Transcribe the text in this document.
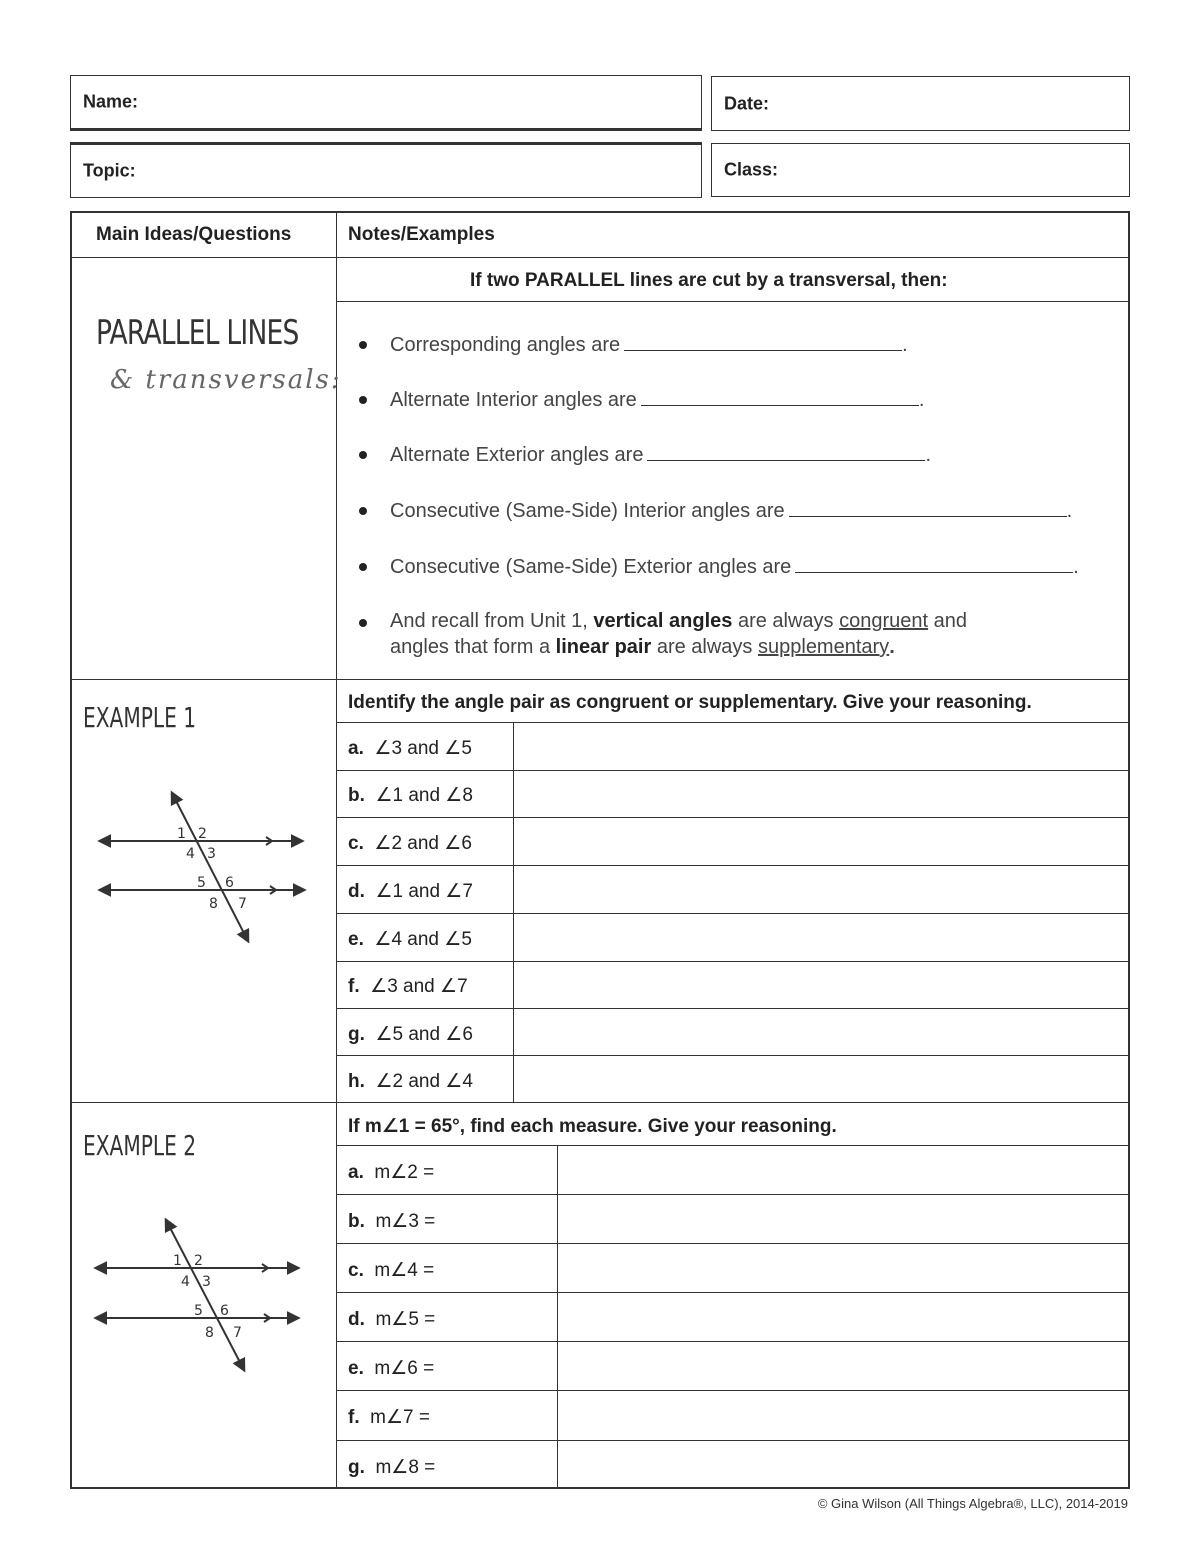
Name:	Date:
Topic:	Class:
Main Ideas/Questions	Notes/Examples
PARALLEL LINES
& transversals:
If two PARALLEL lines are cut by a transversal, then:
Corresponding angles are	.
Alternate Interior angles are	.
Alternate Exterior angles are	.
Consecutive (Same-Side) Interior angles are	.
Consecutive (Same-Side) Exterior angles are	.
And recall from Unit 1, vertical angles are always congruent and
angles that form a linear pair are always supplementary.
EXAMPLE 1
1 2
4 3
5 6
8 7
Identify the angle pair as congruent or supplementary. Give your reasoning.
a. ∠3 and ∠5
b. ∠1 and ∠8
c. ∠2 and ∠6
d. ∠1 and ∠7
e. ∠4 and ∠5
f. ∠3 and ∠7
g. ∠5 and ∠6
h. ∠2 and ∠4
EXAMPLE 2
1 2
4 3
5 6
8 7
If m∠1 = 65°, find each measure. Give your reasoning.
a. m∠2 =
b. m∠3 =
c. m∠4 =
d. m∠5 =
e. m∠6 =
f. m∠7 =
g. m∠8 =
© Gina Wilson (All Things Algebra®, LLC), 2014-2019
